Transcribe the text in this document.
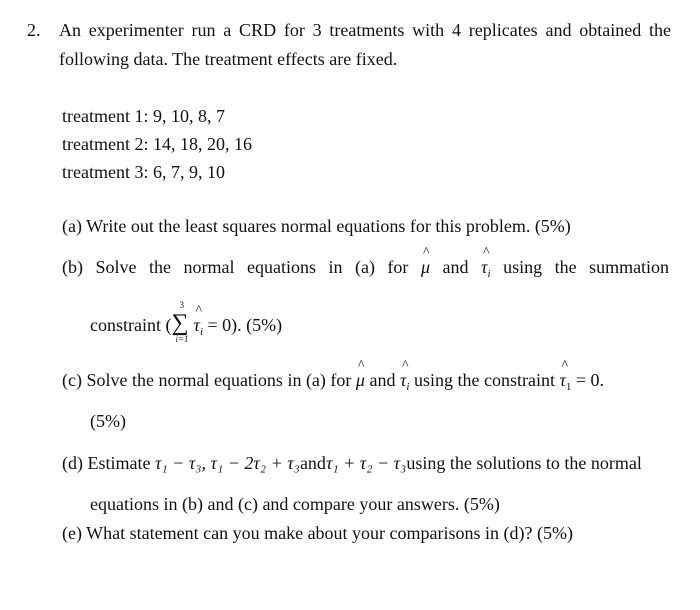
2. An experimenter run a CRD for 3 treatments with 4 replicates and obtained the
following data. The treatment effects are fixed.
treatment 1: 9, 10, 8, 7
treatment 2: 14, 18, 20, 16
treatment 3: 6, 7, 9, 10
(a) Write out the least squares normal equations for this problem. (5%)
(b) Solve the normal equations in (a) for ^ μ and ^ $\tau_i$ using the summation
constraint (
3
∑
i=1
^ $\tau_i = 0$). (5%)
(c) Solve the normal equations in (a) for ^ μ and ^ $\tau_i$ using the constraint ^ $\tau_1 = 0$.
(5%)
(d) Estimate τ₁ − τ₃, τ₁ − 2τ₂ + τ₃andτ₁ + τ₂ − τ₃using the solutions to the normal
equations in (b) and (c) and compare your answers. (5%)
(e) What statement can you make about your comparisons in (d)? (5%)
